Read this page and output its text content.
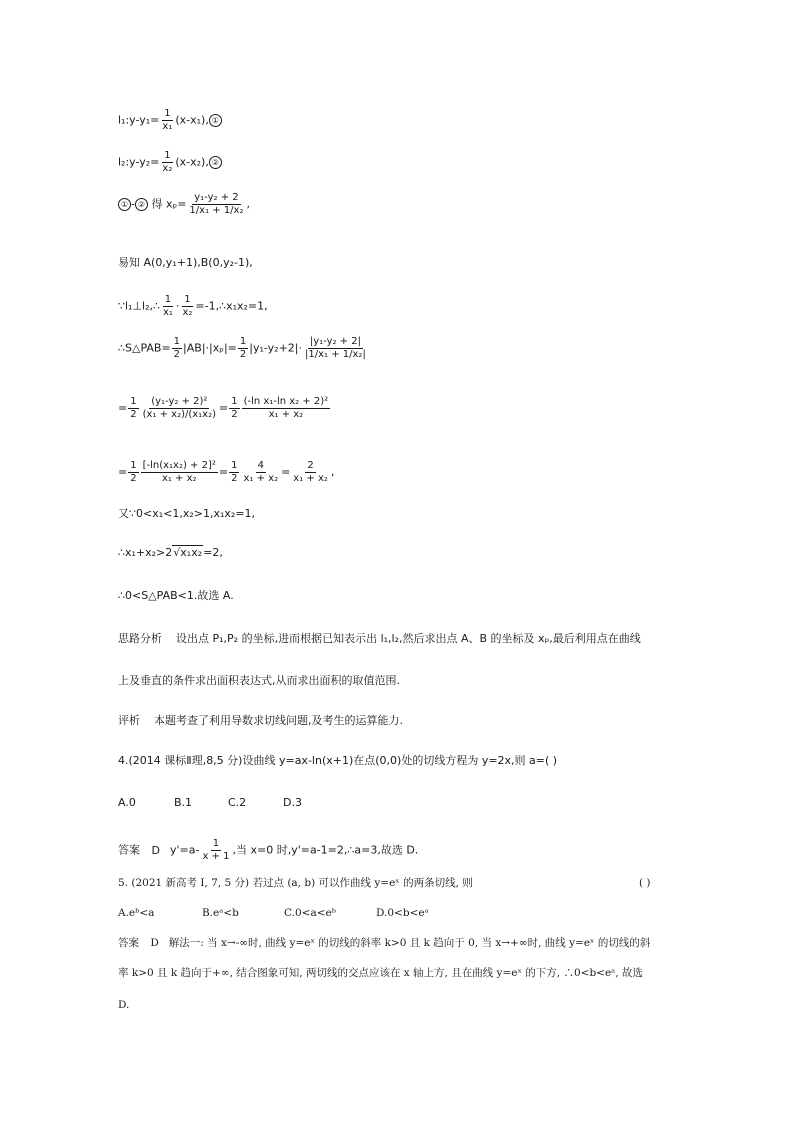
l₁:y-y₁= $\frac{1}{\text{x₁}} (x-x_1)$, ①
l₂:y-y₂= $\frac{1}{\text{x₂}} (x-x_2)$, ②
① - ② 得 $x_p= \frac{\text{y₁-y₂ + 2}}{\text{1/x₁ + 1/x₂}}$ ,
易知 A(0,y₁+1),B(0,y₂-1),
∵l₁⊥l₂,∴ $\frac{1}{\text{x₁}} \cdot \frac{1}{\text{x₂}}$ =-1,∴x₁x₂=1,
∴S△PAB= $\frac{1}{2} |AB|\cdot|x_p|= \frac{1}{2} |y_1-y_2+2|\cdot \frac{\text{|y₁-y₂ + 2|}}{\text{|1/x₁ + 1/x₂|}}$
= $\frac{1}{2} \frac{\text{(y₁-y₂ + 2)²}}{\text{(x₁ + x₂)/(x₁x₂)}} = \frac{1}{2} \frac{\text{(-ln x₁-ln x₂ + 2)²}}{\text{x₁ + x₂}}$
= $\frac{1}{2} \frac{\text{[-ln(x₁x₂) + 2]²}}{\text{x₁ + x₂}} = \frac{1}{2} \frac{4}{\text{x₁ + x₂}} = \frac{2}{\text{x₁ + x₂}}$ ,
又∵0<x₁<1,x₂>1,x₁x₂=1,
∴x₁+x₂>2√x₁x₂=2,
∴0<S△PAB<1.故选 A.
思路分析 设出点 P₁,P₂ 的坐标,进而根据已知表示出 l₁,l₂,然后求出点 A、B 的坐标及 xₚ,最后利用点在曲线
上及垂直的条件求出面积表达式,从而求出面积的取值范围.
评析 本题考查了利用导数求切线问题,及考生的运算能力.
4.(2014 课标Ⅱ理,8,5 分)设曲线 y=ax-ln(x+1)在点(0,0)处的切线方程为 y=2x,则 a=( )
A.0	B.1	C.2	D.3
答案 D $y'=a- \frac{1}{x + 1}$ ,当 x=0 时,y'=a-1=2,∴a=3,故选 D.
5. (2021 新高考 Ⅰ, 7, 5 分) 若过点 (a, b) 可以作曲线 y=eˣ 的两条切线, 则	( )
A.eᵇ<a	B.eᵃ<b	C.0<a<eᵇ	D.0<b<eᵃ
答案 D 解法一: 当 x→-∞时, 曲线 y=eˣ 的切线的斜率 k>0 且 k 趋向于 0, 当 x→+∞时, 曲线 y=eˣ 的切线的斜
率 k>0 且 k 趋向于+∞, 结合图象可知, 两切线的交点应该在 x 轴上方, 且在曲线 y=eˣ 的下方, ∴0<b<eᵃ, 故选
D.
